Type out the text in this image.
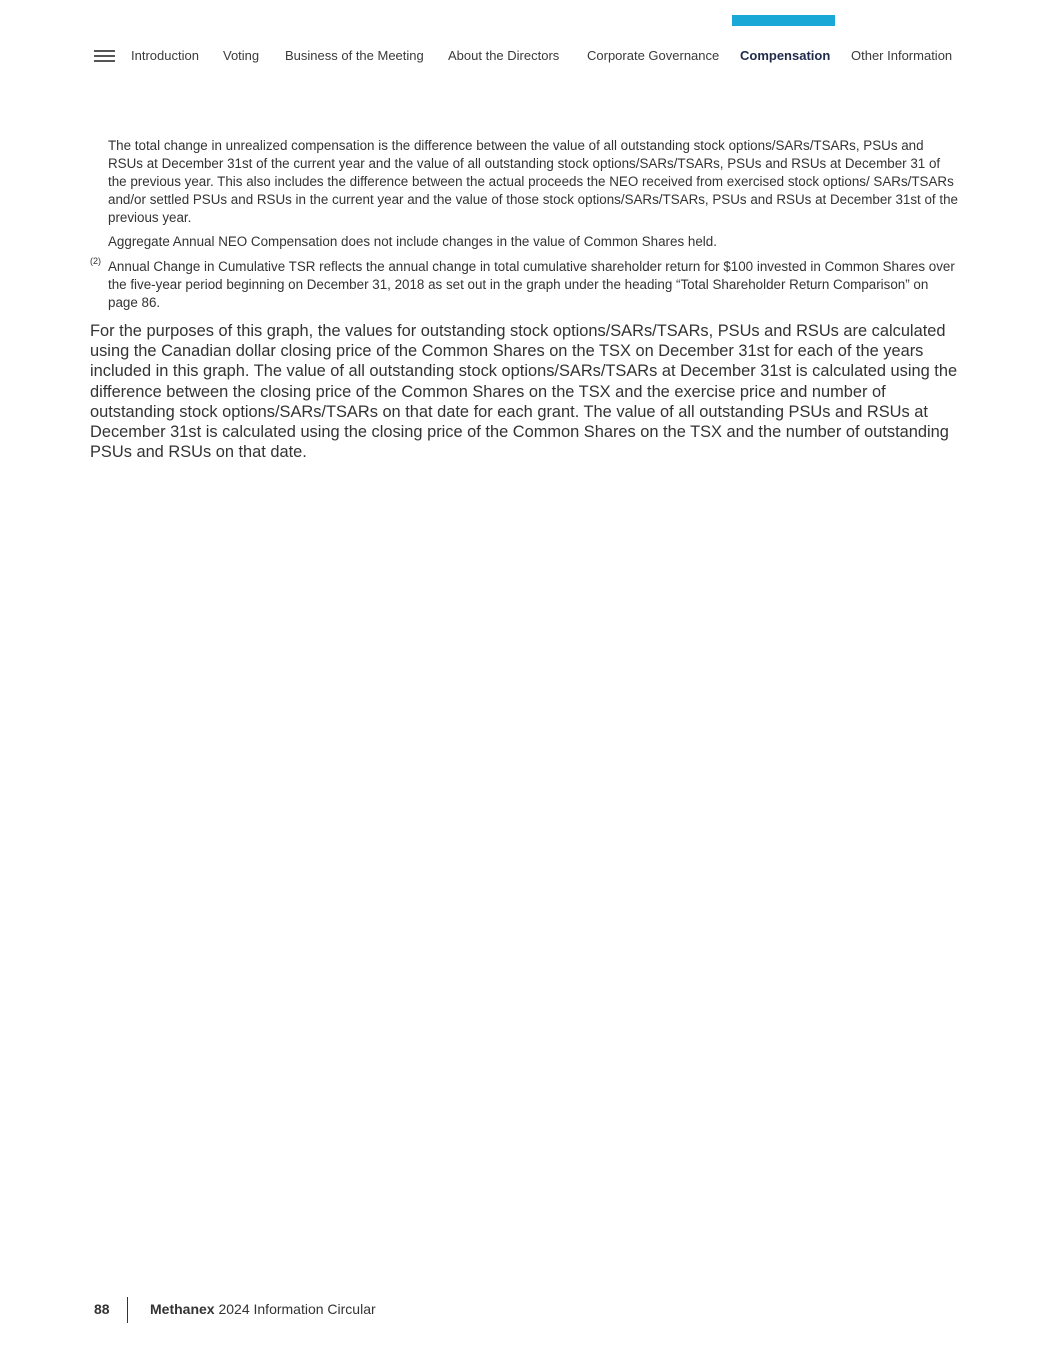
Introduction Voting Business of the Meeting About the Directors Corporate Governance Compensation Other Information
The total change in unrealized compensation is the difference between the value of all outstanding stock options/SARs/TSARs, PSUs and RSUs at December 31st of the current year and the value of all outstanding stock options/SARs/TSARs, PSUs and RSUs at December 31 of the previous year. This also includes the difference between the actual proceeds the NEO received from exercised stock options/ SARs/TSARs and/or settled PSUs and RSUs in the current year and the value of those stock options/SARs/TSARs, PSUs and RSUs at December 31st of the previous year.
Aggregate Annual NEO Compensation does not include changes in the value of Common Shares held.
(2) Annual Change in Cumulative TSR reflects the annual change in total cumulative shareholder return for $100 invested in Common Shares over the five-year period beginning on December 31, 2018 as set out in the graph under the heading “Total Shareholder Return Comparison” on page 86.
For the purposes of this graph, the values for outstanding stock options/SARs/TSARs, PSUs and RSUs are calculated using the Canadian dollar closing price of the Common Shares on the TSX on December 31st for each of the years included in this graph. The value of all outstanding stock options/SARs/TSARs at December 31st is calculated using the difference between the closing price of the Common Shares on the TSX and the exercise price and number of outstanding stock options/SARs/TSARs on that date for each grant. The value of all outstanding PSUs and RSUs at December 31st is calculated using the closing price of the Common Shares on the TSX and the number of outstanding PSUs and RSUs on that date.
88	Methanex 2024 Information Circular
